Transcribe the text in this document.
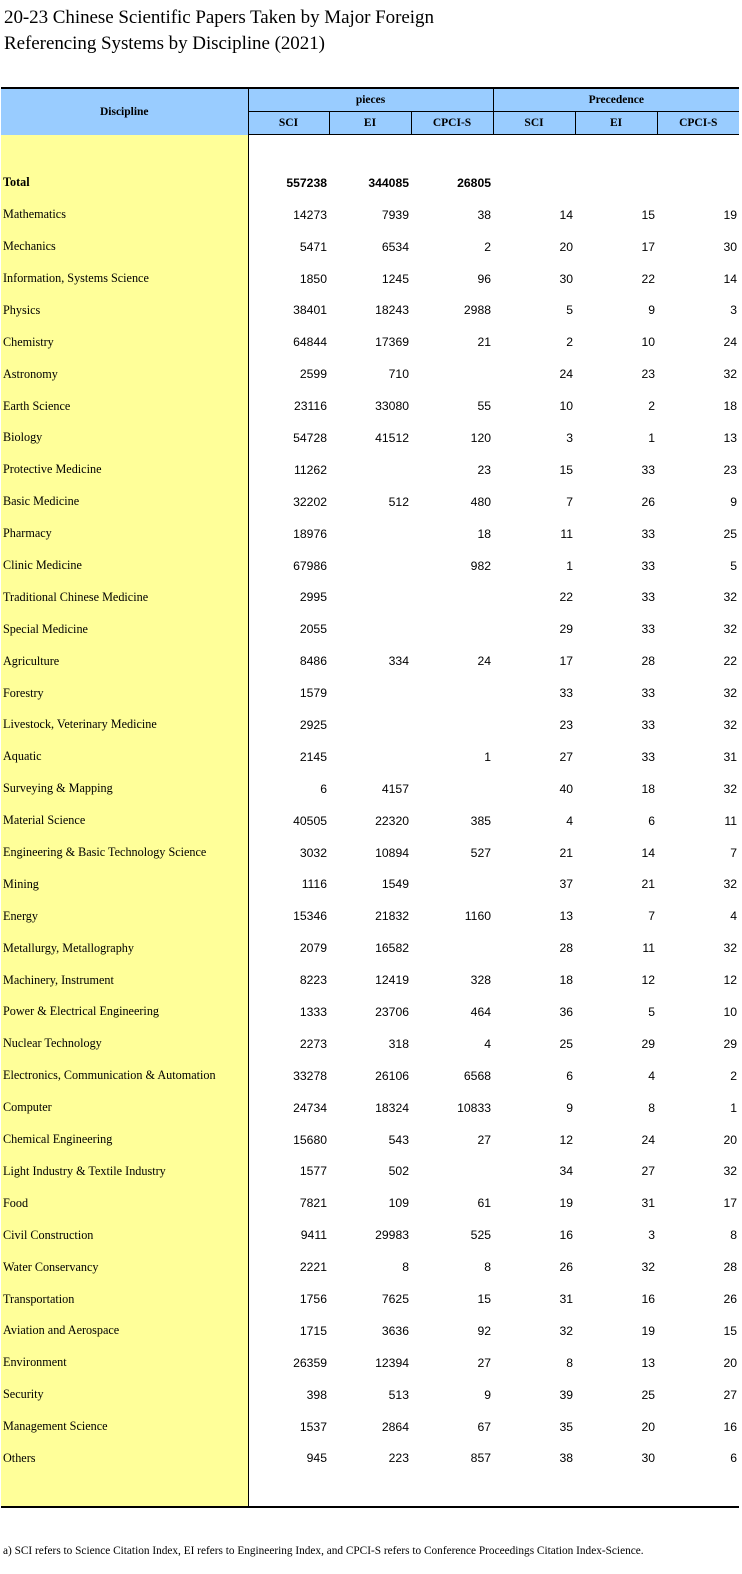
20-23 Chinese Scientific Papers Taken by Major Foreign
Referencing Systems by Discipline (2021)
Discipline	pieces			Precedence		
	SCI	EI	CPCI-S	SCI	EI	CPCI-S

Total	557238	344085	26805			
Mathematics	14273	7939	38	14	15	19
Mechanics	5471	6534	2	20	17	30
Information, Systems Science	1850	1245	96	30	22	14
Physics	38401	18243	2988	5	9	3
Chemistry	64844	17369	21	2	10	24
Astronomy	2599	710		24	23	32
Earth Science	23116	33080	55	10	2	18
Biology	54728	41512	120	3	1	13
Protective Medicine	11262		23	15	33	23
Basic Medicine	32202	512	480	7	26	9
Pharmacy	18976		18	11	33	25
Clinic Medicine	67986		982	1	33	5
Traditional Chinese Medicine	2995			22	33	32
Special Medicine	2055			29	33	32
Agriculture	8486	334	24	17	28	22
Forestry	1579			33	33	32
Livestock, Veterinary Medicine	2925			23	33	32
Aquatic	2145		1	27	33	31
Surveying & Mapping	6	4157		40	18	32
Material Science	40505	22320	385	4	6	11
Engineering & Basic Technology Science	3032	10894	527	21	14	7
Mining	1116	1549		37	21	32
Energy	15346	21832	1160	13	7	4
Metallurgy, Metallography	2079	16582		28	11	32
Machinery, Instrument	8223	12419	328	18	12	12
Power & Electrical Engineering	1333	23706	464	36	5	10
Nuclear Technology	2273	318	4	25	29	29
Electronics, Communication & Automation	33278	26106	6568	6	4	2
Computer	24734	18324	10833	9	8	1
Chemical Engineering	15680	543	27	12	24	20
Light Industry & Textile Industry	1577	502		34	27	32
Food	7821	109	61	19	31	17
Civil Construction	9411	29983	525	16	3	8
Water Conservancy	2221	8	8	26	32	28
Transportation	1756	7625	15	31	16	26
Aviation and Aerospace	1715	3636	92	32	19	15
Environment	26359	12394	27	8	13	20
Security	398	513	9	39	25	27
Management Science	1537	2864	67	35	20	16
Others	945	223	857	38	30	6

a) SCI refers to Science Citation Index, EI refers to Engineering Index, and CPCI-S refers to Conference Proceedings Citation Index-Science.
